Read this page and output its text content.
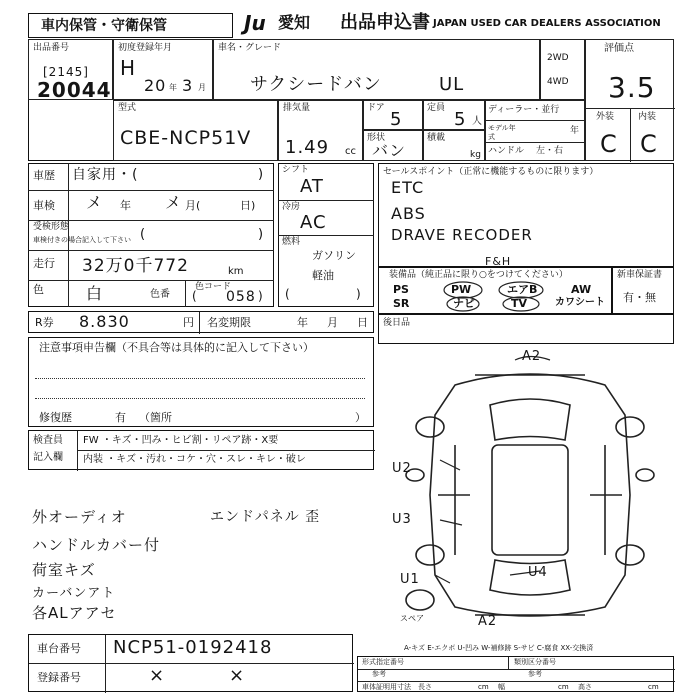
車内保管・守衛保管	Ju 愛知 出品申込書 JAPAN USED CAR DEALERS ASSOCIATION
出品番号
[2145]
20044
初度登録年月
H
20 年 3 月
車名・グレード
サクシードバン	UL
2WD
4WD
評価点
3.5
外装	内装
C C
型式
CBE-NCP51V
排気量
1.49 cc
ドア
5
定員
5 人
形状
バン
積載
kg
ディーラー・並行
モデル年式
年
ハンドル 左・右
車歴 自家用・(	)
車検 メ 年 メ 月(	日)
受検形態
車検付きの場合記入して下さい (	)
走行 32万0千772	km
色	白	色番
色コード
058
(	)
シフト
AT
冷房
AC
燃料
ガソリン
軽油
(	)
セールスポイント（正常に機能するものに限ります）
ETC
ABS
DRAVE RECODER
装備品（純正品に限り○をつけてください）
F&H
PS	PW	エアB	AW
SR	ナビ	TV	カワシート
新車保証書
有・無
R券 8.830	円 名変期限	年 月 日 後日品
注意事項申告欄（不具合等は具体的に記入して下さい）
修復歴	有 （箇所	）
検査員
記入欄
FW ・キズ・凹み・ヒビ割・リペア跡・X要
内装 ・キズ・汚れ・コケ・穴・スレ・キレ・破レ
外オーディオ
ハンドルカバー付
荷室キズ
カーバンアト
各ALアアセ
エンドパネル 歪
A2
U2
U3
U1	U4
A2
スペア
A-キズ E-エクボ U-凹み W-補修跡 S-サビ C-腐食 XX-交換済
車台番号 NCP51-0192418
登録番号	×	×
形式指定番号	類別区分番号
参考	参考
車体証明用寸法 長さ	cm 幅	cm 高さ	cm
